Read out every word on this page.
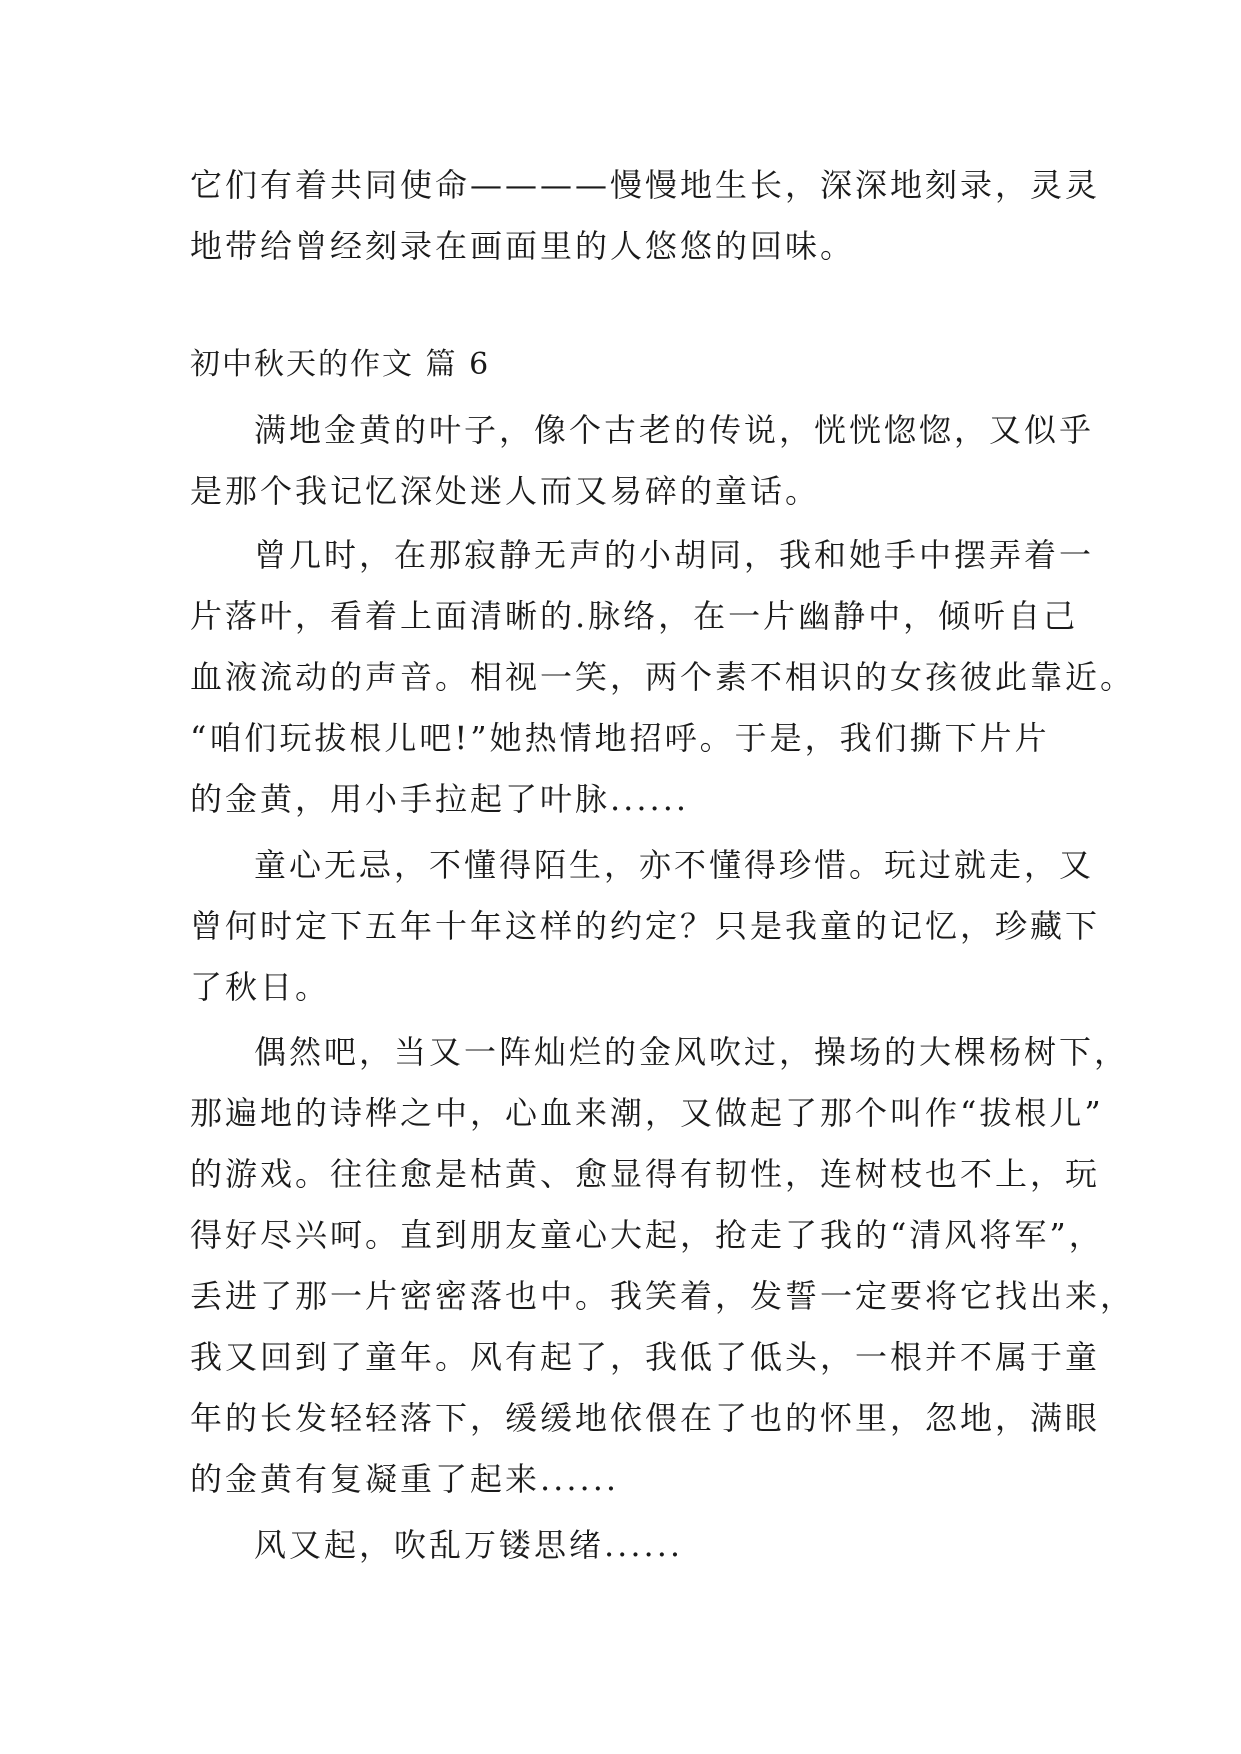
它们有着共同使命————慢慢地生长，深深地刻录，灵灵
地带给曾经刻录在画面里的人悠悠的回味。
初中秋天的作文 篇 6
满地金黄的叶子，像个古老的传说，恍恍惚惚，又似乎
是那个我记忆深处迷人而又易碎的童话。
曾几时，在那寂静无声的小胡同，我和她手中摆弄着一
片落叶，看着上面清晰的.脉络，在一片幽静中，倾听自己
血液流动的声音。相视一笑，两个素不相识的女孩彼此靠近。
“咱们玩拔根儿吧!”她热情地招呼。于是，我们撕下片片
的金黄，用小手拉起了叶脉......
童心无忌，不懂得陌生，亦不懂得珍惜。玩过就走，又
曾何时定下五年十年这样的约定？只是我童的记忆，珍藏下
了秋日。
偶然吧，当又一阵灿烂的金风吹过，操场的大棵杨树下，
那遍地的诗桦之中，心血来潮，又做起了那个叫作“拔根儿”
的游戏。往往愈是枯黄、愈显得有韧性，连树枝也不上，玩
得好尽兴呵。直到朋友童心大起，抢走了我的“清风将军”，
丢进了那一片密密落也中。我笑着，发誓一定要将它找出来，
我又回到了童年。风有起了，我低了低头，一根并不属于童
年的长发轻轻落下，缓缓地依偎在了也的怀里，忽地，满眼
的金黄有复凝重了起来......
风又起，吹乱万镂思绪......
